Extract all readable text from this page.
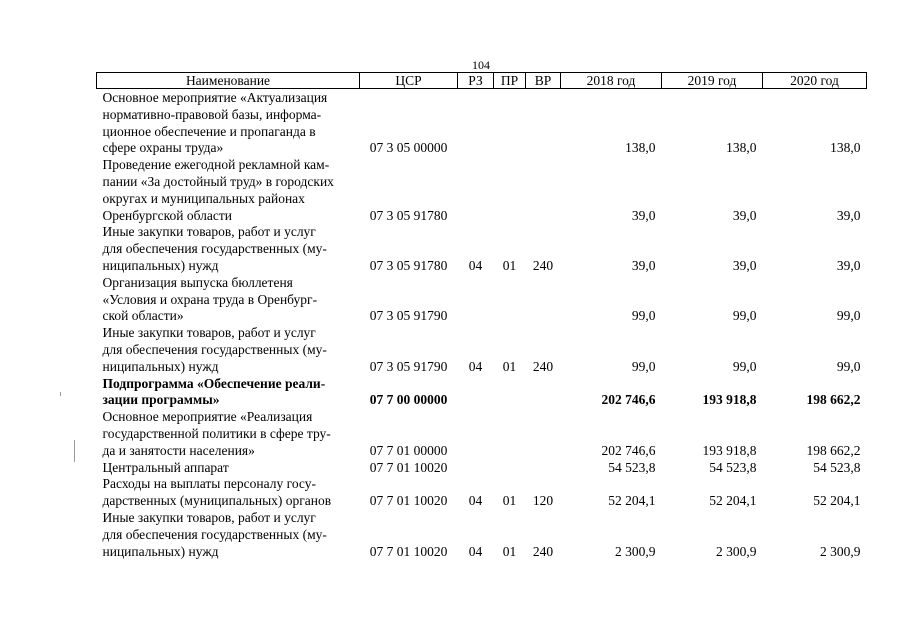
104
Наименование	ЦСР	РЗ	ПР	ВР	2018 год	2019 год	2020 год

Основное мероприятие «Актуализация
нормативно-правовой базы, информа-
ционное обеспечение и пропаганда в
сфере охраны труда»	07 3 05 00000				138,0	138,0	138,0

Проведение ежегодной рекламной кам-
пании «За достойный труд» в городских
округах и муниципальных районах
Оренбургской области	07 3 05 91780				39,0	39,0	39,0

Иные закупки товаров, работ и услуг
для обеспечения государственных (му-
ниципальных) нужд	07 3 05 91780	04	01	240	39,0	39,0	39,0

Организация выпуска бюллетеня
«Условия и охрана труда в Оренбург-
ской области»	07 3 05 91790				99,0	99,0	99,0

Иные закупки товаров, работ и услуг
для обеспечения государственных (му-
ниципальных) нужд	07 3 05 91790	04	01	240	99,0	99,0	99,0

Подпрограмма «Обеспечение реали-
зации программы»	07 7 00 00000				202 746,6	193 918,8	198 662,2

Основное мероприятие «Реализация
государственной политики в сфере тру-
да и занятости населения»	07 7 01 00000				202 746,6	193 918,8	198 662,2

Центральный аппарат	07 7 01 10020				54 523,8	54 523,8	54 523,8

Расходы на выплаты персоналу госу-
дарственных (муниципальных) органов	07 7 01 10020	04	01	120	52 204,1	52 204,1	52 204,1

Иные закупки товаров, работ и услуг
для обеспечения государственных (му-
ниципальных) нужд	07 7 01 10020	04	01	240	2 300,9	2 300,9	2 300,9
